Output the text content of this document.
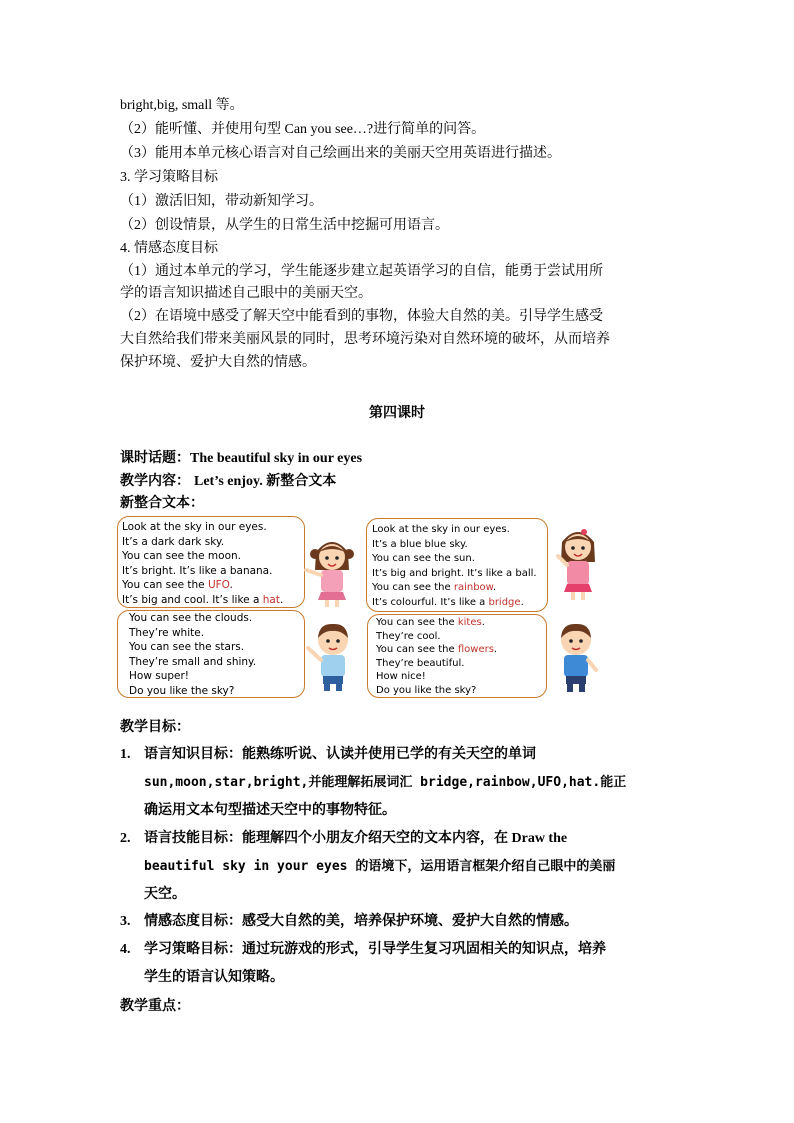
bright,big, small 等。
（2）能听懂、并使用句型 Can you see…?进行简单的问答。
（3）能用本单元核心语言对自己绘画出来的美丽天空用英语进行描述。
3. 学习策略目标
（1）激活旧知，带动新知学习。
（2）创设情景，从学生的日常生活中挖掘可用语言。
4. 情感态度目标
（1）通过本单元的学习，学生能逐步建立起英语学习的自信，能勇于尝试用所
学的语言知识描述自己眼中的美丽天空。
（2）在语境中感受了解天空中能看到的事物，体验大自然的美。引导学生感受
大自然给我们带来美丽风景的同时，思考环境污染对自然环境的破坏，从而培养
保护环境、爱护大自然的情感。
第四课时
课时话题：The beautiful sky in our eyes
教学内容： Let’s enjoy. 新整合文本
新整合文本：
Look at the sky in our eyes.
It’s a dark dark sky.
You can see the moon.
It’s bright. It’s like a banana.
You can see the UFO.
It’s big and cool. It’s like a hat.
Look at the sky in our eyes.
It’s a blue blue sky.
You can see the sun.
It’s big and bright. It’s like a ball.
You can see the rainbow.
It’s colourful. It’s like a bridge.
You can see the clouds.
They’re white.
You can see the stars.
They’re small and shiny.
How super!
Do you like the sky?
You can see the kites.
They’re cool.
You can see the flowers.
They’re beautiful.
How nice!
Do you like the sky?
教学目标：
1. 语言知识目标：能熟练听说、认读并使用已学的有关天空的单词
sun,moon,star,bright,并能理解拓展词汇 bridge,rainbow,UFO,hat.能正
确运用文本句型描述天空中的事物特征。
2. 语言技能目标：能理解四个小朋友介绍天空的文本内容，在 Draw the
beautiful sky in your eyes 的语境下，运用语言框架介绍自己眼中的美丽
天空。
3. 情感态度目标：感受大自然的美，培养保护环境、爱护大自然的情感。
4. 学习策略目标：通过玩游戏的形式，引导学生复习巩固相关的知识点，培养
学生的语言认知策略。
教学重点：
